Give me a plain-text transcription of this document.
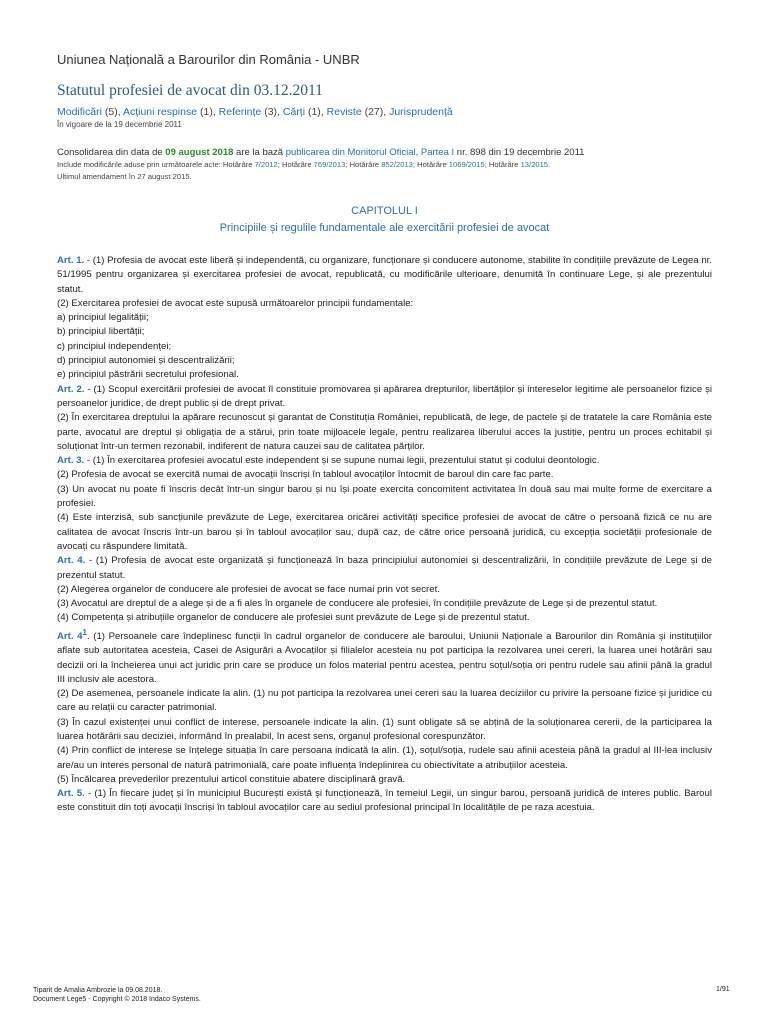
Uniunea Națională a Barourilor din România - UNBR

Statutul profesiei de avocat din 03.12.2011
Modificări (5), Acțiuni respinse (1), Referințe (3), Cărți (1), Reviste (27), Jurisprudență
În vigoare de la 19 decembrie 2011
Consolidarea din data de 09 august 2018 are la bază publicarea din Monitorul Oficial, Partea I nr. 898 din 19 decembrie 2011
Include modificările aduse prin următoarele acte: Hotărâre 7/2012; Hotărâre 769/2013; Hotărâre 852/2013; Hotărâre 1069/2015; Hotărâre 13/2015.
Ultimul amendament în 27 august 2015.
CAPITOLUL I
Principiile și regulile fundamentale ale exercitării profesiei de avocat

Art. 1. - (1) Profesia de avocat este liberă și independentă, cu organizare, funcționare și conducere autonome, stabilite în condițiile prevăzute de Legea nr. 51/1995 pentru organizarea și exercitarea profesiei de avocat, republicată, cu modificările ulterioare, denumită în continuare Lege, și ale prezentului statut.

(2) Exercitarea profesiei de avocat este supusă următoarelor principii fundamentale:

a) principiul legalității;

b) principiul libertății;

c) principiul independenței;

d) principiul autonomiei și descentralizării;

e) principiul păstrării secretului profesional.

Art. 2. - (1) Scopul exercitării profesiei de avocat îl constituie promovarea și apărarea drepturilor, libertăților și intereselor legitime ale persoanelor fizice și persoanelor juridice, de drept public și de drept privat.

(2) În exercitarea dreptului la apărare recunoscut și garantat de Constituția României, republicată, de lege, de pactele și de tratatele la care România este parte, avocatul are dreptul și obligația de a stărui, prin toate mijloacele legale, pentru realizarea liberului acces la justiție, pentru un proces echitabil și soluționat într-un termen rezonabil, indiferent de natura cauzei sau de calitatea părților.

Art. 3. - (1) În exercitarea profesiei avocatul este independent și se supune numai legii, prezentului statut și codului deontologic.

(2) Profesia de avocat se exercită numai de avocații înscriși în tabloul avocaților întocmit de baroul din care fac parte.

(3) Un avocat nu poate fi înscris decât într-un singur barou și nu își poate exercita concomitent activitatea în două sau mai multe forme de exercitare a profesiei.

(4) Este interzisă, sub sancțiunile prevăzute de Lege, exercitarea oricărei activități specifice profesiei de avocat de către o persoană fizică ce nu are calitatea de avocat înscris într-un barou și în tabloul avocaților sau, după caz, de către orice persoană juridică, cu excepția societății profesionale de avocați cu răspundere limitată.

Art. 4. - (1) Profesia de avocat este organizată și funcționează în baza principiului autonomiei și descentralizării, în condițiile prevăzute de Lege și de prezentul statut.

(2) Alegerea organelor de conducere ale profesiei de avocat se face numai prin vot secret.

(3) Avocatul are dreptul de a alege și de a fi ales în organele de conducere ale profesiei, în condițiile prevăzute de Lege și de prezentul statut.

(4) Competența și atribuțiile organelor de conducere ale profesiei sunt prevăzute de Lege și de prezentul statut.

Art. $4^1$. (1) Persoanele care îndeplinesc funcții în cadrul organelor de conducere ale baroului, Uniunii Naționale a Barourilor din România și instituțiilor aflate sub autoritatea acesteia, Casei de Asigurări a Avocaților și filialelor acesteia nu pot participa la rezolvarea unei cereri, la luarea unei hotărâri sau decizii ori la încheierea unui act juridic prin care se produce un folos material pentru acestea, pentru soțul/soția ori pentru rudele sau afinii până la gradul III inclusiv ale acestora.

(2) De asemenea, persoanele indicate la alin. (1) nu pot participa la rezolvarea unei cereri sau la luarea deciziilor cu privire la persoane fizice și juridice cu care au relații cu caracter patrimonial.

(3) În cazul existenței unui conflict de interese, persoanele indicate la alin. (1) sunt obligate să se abțină de la soluționarea cererii, de la participarea la luarea hotărârii sau deciziei, informând în prealabil, în acest sens, organul profesional corespunzător.

(4) Prin conflict de interese se înțelege situația în care persoana indicată la alin. (1), soțul/soția, rudele sau afinii acesteia până la gradul al III-lea inclusiv are/au un interes personal de natură patrimonială, care poate influența îndeplinirea cu obiectivitate a atribuțiilor acesteia.

(5) Încălcarea prevederilor prezentului articol constituie abatere disciplinară gravă.

Art. 5. - (1) În fiecare județ și în municipiul București există și funcționează, în temeiul Legii, un singur barou, persoană juridică de interes public. Baroul este constituit din toți avocații înscriși în tabloul avocaților care au sediul profesional principal în localitățile de pe raza acestuia.

Tiparit de Amalia Ambrozie la 09.08.2018.
Document Lege5 - Copyright © 2018 Indaco Systems.
1/91
